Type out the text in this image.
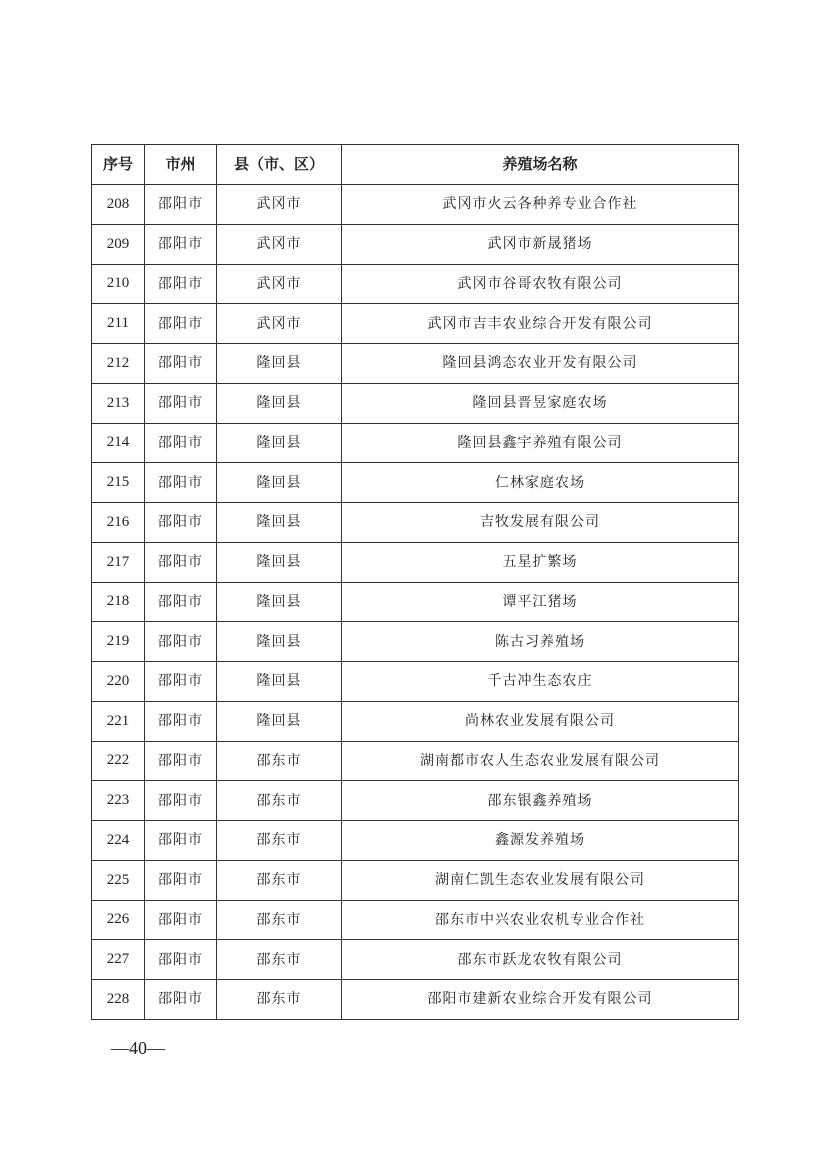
序号	市州	县（市、区）	养殖场名称
208	邵阳市	武冈市	武冈市火云各种养专业合作社
209	邵阳市	武冈市	武冈市新晟猪场
210	邵阳市	武冈市	武冈市谷哥农牧有限公司
211	邵阳市	武冈市	武冈市吉丰农业综合开发有限公司
212	邵阳市	隆回县	隆回县鸿态农业开发有限公司
213	邵阳市	隆回县	隆回县晋昱家庭农场
214	邵阳市	隆回县	隆回县鑫宇养殖有限公司
215	邵阳市	隆回县	仁林家庭农场
216	邵阳市	隆回县	吉牧发展有限公司
217	邵阳市	隆回县	五星扩繁场
218	邵阳市	隆回县	谭平江猪场
219	邵阳市	隆回县	陈古习养殖场
220	邵阳市	隆回县	千古冲生态农庄
221	邵阳市	隆回县	尚林农业发展有限公司
222	邵阳市	邵东市	湖南都市农人生态农业发展有限公司
223	邵阳市	邵东市	邵东银鑫养殖场
224	邵阳市	邵东市	鑫源发养殖场
225	邵阳市	邵东市	湖南仁凯生态农业发展有限公司
226	邵阳市	邵东市	邵东市中兴农业农机专业合作社
227	邵阳市	邵东市	邵东市跃龙农牧有限公司
228	邵阳市	邵东市	邵阳市建新农业综合开发有限公司
—40—
